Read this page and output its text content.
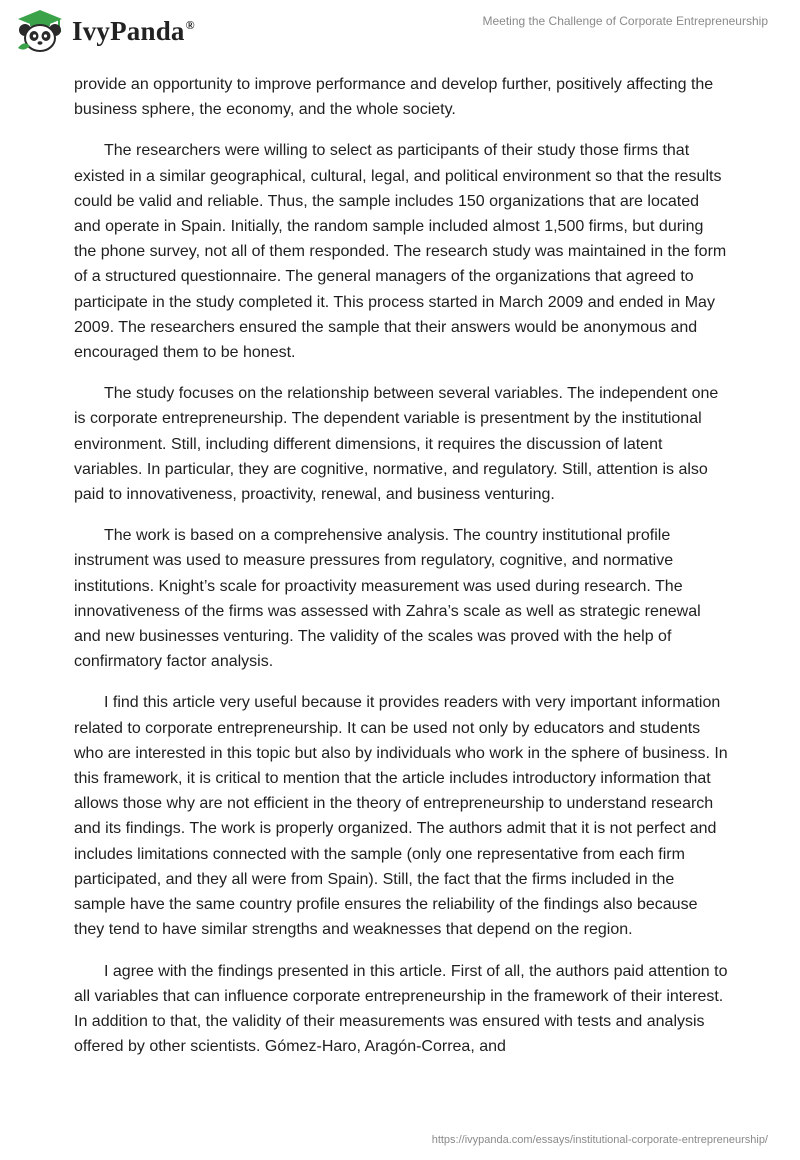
IvyPanda®	Meeting the Challenge of Corporate Entrepreneurship

provide an opportunity to improve performance and develop further, positively affecting the business sphere, the economy, and the whole society.

The researchers were willing to select as participants of their study those firms that existed in a similar geographical, cultural, legal, and political environment so that the results could be valid and reliable. Thus, the sample includes 150 organizations that are located and operate in Spain. Initially, the random sample included almost 1,500 firms, but during the phone survey, not all of them responded. The research study was maintained in the form of a structured questionnaire. The general managers of the organizations that agreed to participate in the study completed it. This process started in March 2009 and ended in May 2009. The researchers ensured the sample that their answers would be anonymous and encouraged them to be honest.

The study focuses on the relationship between several variables. The independent one is corporate entrepreneurship. The dependent variable is presentment by the institutional environment. Still, including different dimensions, it requires the discussion of latent variables. In particular, they are cognitive, normative, and regulatory. Still, attention is also paid to innovativeness, proactivity, renewal, and business venturing.

The work is based on a comprehensive analysis. The country institutional profile instrument was used to measure pressures from regulatory, cognitive, and normative institutions. Knight’s scale for proactivity measurement was used during research. The innovativeness of the firms was assessed with Zahra’s scale as well as strategic renewal and new businesses venturing. The validity of the scales was proved with the help of confirmatory factor analysis.

I find this article very useful because it provides readers with very important information related to corporate entrepreneurship. It can be used not only by educators and students who are interested in this topic but also by individuals who work in the sphere of business. In this framework, it is critical to mention that the article includes introductory information that allows those why are not efficient in the theory of entrepreneurship to understand research and its findings. The work is properly organized. The authors admit that it is not perfect and includes limitations connected with the sample (only one representative from each firm participated, and they all were from Spain). Still, the fact that the firms included in the sample have the same country profile ensures the reliability of the findings also because they tend to have similar strengths and weaknesses that depend on the region.

I agree with the findings presented in this article. First of all, the authors paid attention to all variables that can influence corporate entrepreneurship in the framework of their interest. In addition to that, the validity of their measurements was ensured with tests and analysis offered by other scientists. Gómez-Haro, Aragón-Correa, and

https://ivypanda.com/essays/institutional-corporate-entrepreneurship/
